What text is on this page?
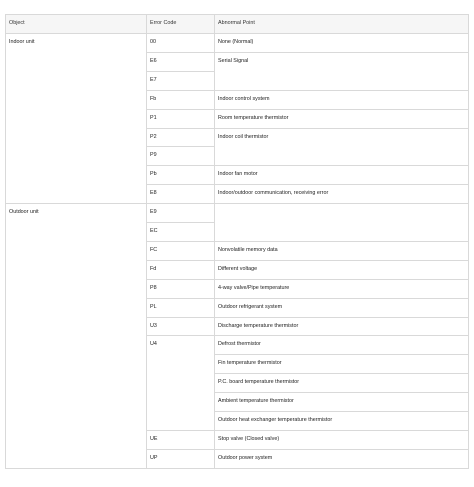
Object	Error Code	Abnormal Point
Indoor unit
Outdoor unit
00
E6
E7
Fb
P1
P2
P9
Pb
E8
E9
EC
FC
Fd
P8
PL
U3
U4
UE
UP
None (Normal)
Serial Signal
Indoor control system
Room temperature thermistor
Indoor coil thermistor
Indoor fan motor
Indoor/outdoor communication, receiving error
Nonvolatile memory data
Different voltage
4-way valve/Pipe temperature
Outdoor refrigerant system
Discharge temperature thermistor
Defrost thermistor
Fin temperature thermistor
P.C. board temperature thermistor
Ambient temperature thermistor
Outdoor heat exchanger temperature thermistor
Stop valve (Closed valve)
Outdoor power system
